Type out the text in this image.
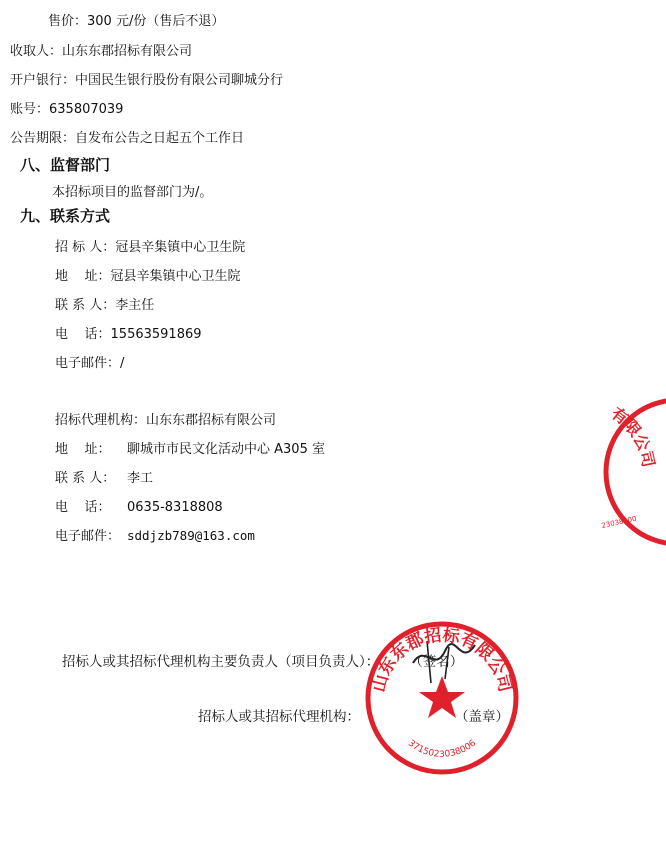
售价：300 元/份（售后不退）
收取人：山东东郡招标有限公司
开户银行：中国民生银行股份有限公司聊城分行
账号：635807039
公告期限：自发布公告之日起五个工作日
八、监督部门
本招标项目的监督部门为/。
九、联系方式
招 标 人：冠县辛集镇中心卫生院
地    址：冠县辛集镇中心卫生院
联 系 人：李主任
电    话：15563591869
电子邮件：/
招标代理机构：山东东郡招标有限公司
地    址： 聊城市市民文化活动中心 A305 室
联 系 人： 李工
电    话： 0635-8318808
电子邮件： sddjzb789@163.com
招标人或其招标代理机构主要负责人（项目负责人）： （签名）
招标人或其招标代理机构：	（盖章）
山东东郡招标有限公司
3715023038006
有限公司
23038000
